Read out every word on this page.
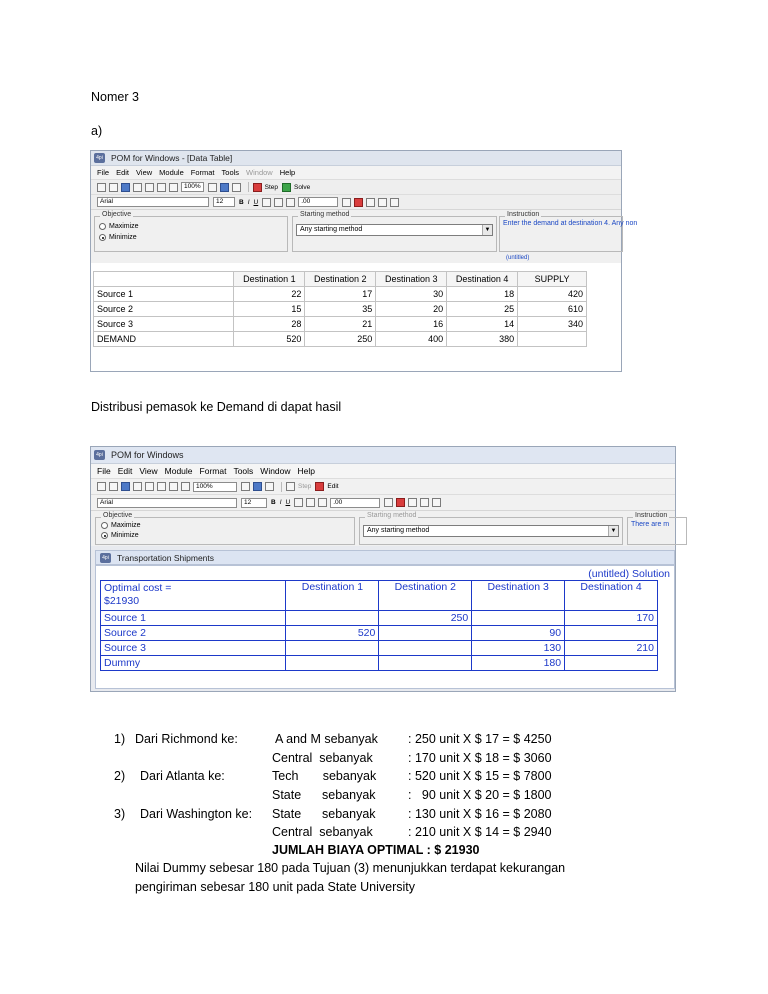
Nomer 3
a)
4pi POM for Windows - [Data Table]
File Edit View Module Format Tools Window Help
100%	Step Solve
Arial	12	B I U	.00
Objective
Maximize
Minimize
Starting method
Any starting method	▼
Instruction
Enter the demand at destination 4. Any non
(untitled)
	Destination 1	Destination 2	Destination 3	Destination 4	SUPPLY
Source 1	22	17	30	18	420
Source 2	15	35	20	25	610
Source 3	28	21	16	14	340
DEMAND	520	250	400	380	
Distribusi pemasok ke Demand di dapat hasil
4pi POM for Windows
File Edit View Module Format Tools Window Help
100%	Step Edit
Arial	12	B I U	.00
Objective
Maximize
Minimize
Starting method
Any starting method	▼
Instruction
There are m
4pi Transportation Shipments
(untitled) Solution
Optimal cost =
$21930	Destination 1	Destination 2	Destination 3	Destination 4
Source 1		250		170
Source 2	520		90	
Source 3			130	210
Dummy			180	
1) Dari Richmond ke:	A and M sebanyak : 250 unit X $ 17 = $ 4250
Central  sebanyak	: 170 unit X $ 18 = $ 3060
2) Dari Atlanta ke:	Tech       sebanyak	: 520 unit X $ 15 = $ 7800
State      sebanyak	:   90 unit X $ 20 = $ 1800
3) Dari Washington ke: State      sebanyak	: 130 unit X $ 16 = $ 2080
Central  sebanyak	: 210 unit X $ 14 = $ 2940
JUMLAH BIAYA OPTIMAL : $ 21930
Nilai Dummy sebesar 180 pada Tujuan (3) menunjukkan terdapat kekurangan
pengiriman sebesar 180 unit pada State University
